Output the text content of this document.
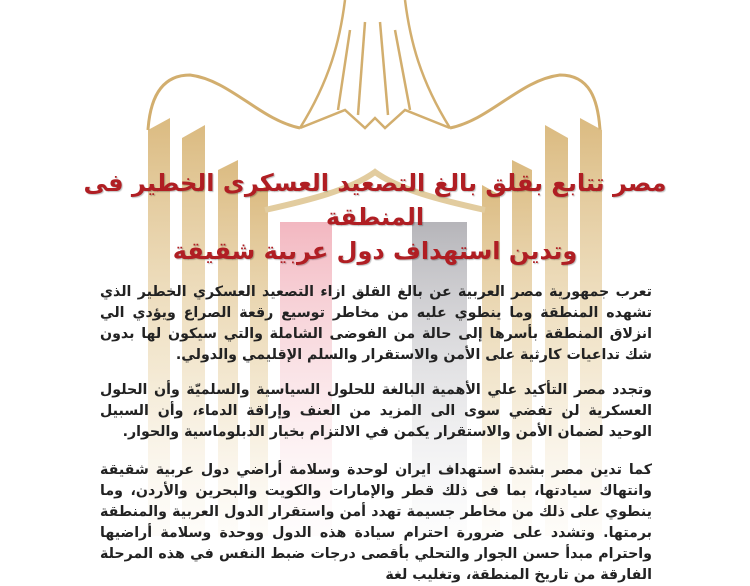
مصر تتابع بقلق بالغ التصعيد العسكرى الخطير فى المنطقة
وتدين استهداف دول عربية شقيقة

تعرب جمهورية مصر العربية عن بالغ القلق ازاء التصعيد العسكري الخطير الذي تشهده المنطقة وما ينطوي عليه من مخاطر توسيع رقعة الصراع ويؤدي الي انزلاق المنطقة بأسرها إلى حالة من الفوضى الشاملة والتي سيكون لها بدون شك تداعيات كارثية على الأمن والاستقرار والسلم الإقليمي والدولي.

وتجدد مصر التأكيد علي الأهمية البالغة للحلول السياسية والسلميّة وأن الحلول العسكرية لن تفضي سوى الى المزيد من العنف وإراقة الدماء، وأن السبيل الوحيد لضمان الأمن والاستقرار يكمن في الالتزام بخيار الدبلوماسية والحوار.

كما تدين مصر بشدة استهداف ايران لوحدة وسلامة أراضي دول عربية شقيقة وانتهاك سيادتها، بما فى ذلك قطر والإمارات والكويت والبحرين والأردن، وما ينطوي على ذلك من مخاطر جسيمة تهدد أمن واستقرار الدول العربية والمنطقة برمتها. وتشدد على ضرورة احترام سيادة هذه الدول ووحدة وسلامة أراضيها واحترام مبدأ حسن الجوار والتحلي بأقصى درجات ضبط النفس في هذه المرحلة الفارقة من تاريخ المنطقة، وتغليب لغة
